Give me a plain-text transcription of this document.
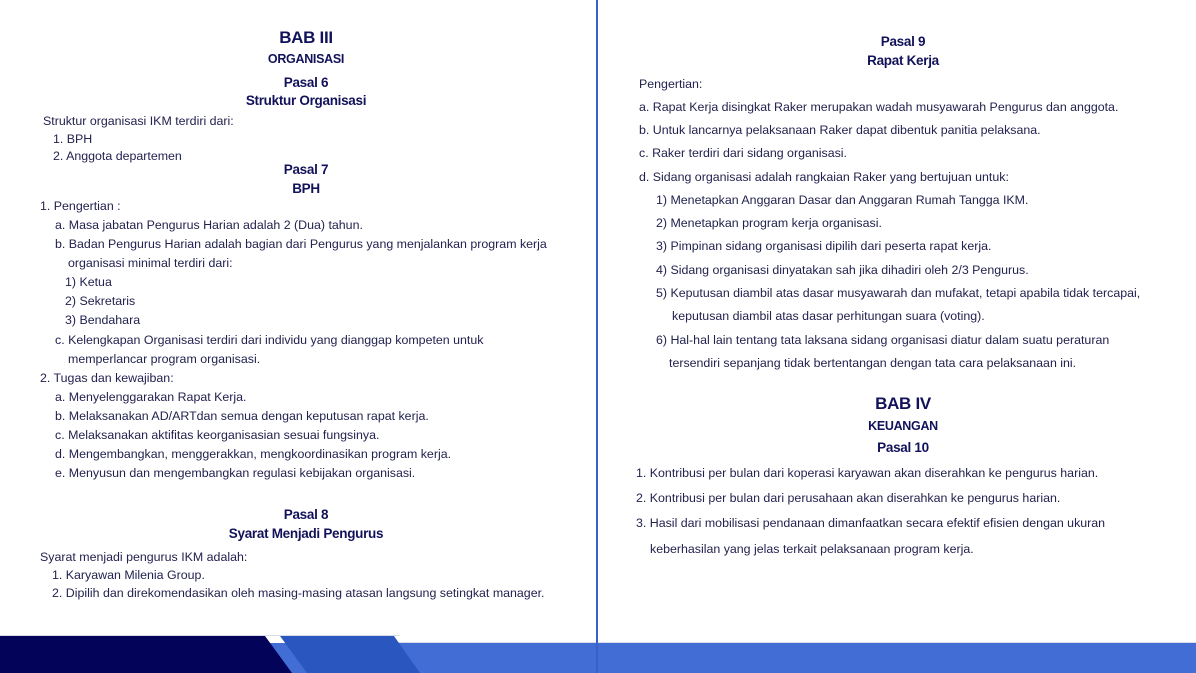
BAB III
ORGANISASI
Pasal 6
Struktur Organisasi
Struktur organisasi IKM terdiri dari:
1. BPH
2. Anggota departemen
Pasal 7
BPH
1. Pengertian :
a. Masa jabatan Pengurus Harian adalah 2 (Dua) tahun.
b. Badan Pengurus Harian adalah bagian dari Pengurus yang menjalankan program kerja
organisasi minimal terdiri dari:
1) Ketua
2) Sekretaris
3) Bendahara
c. Kelengkapan Organisasi terdiri dari individu yang dianggap kompeten untuk
memperlancar program organisasi.
2. Tugas dan kewajiban:
a. Menyelenggarakan Rapat Kerja.
b. Melaksanakan AD/ARTdan semua dengan keputusan rapat kerja.
c. Melaksanakan aktifitas keorganisasian sesuai fungsinya.
d. Mengembangkan, menggerakkan, mengkoordinasikan program kerja.
e. Menyusun dan mengembangkan regulasi kebijakan organisasi.
Pasal 8
Syarat Menjadi Pengurus
Syarat menjadi pengurus IKM adalah:
1. Karyawan Milenia Group.
2. Dipilih dan direkomendasikan oleh masing-masing atasan langsung setingkat manager.
Pasal 9
Rapat Kerja
Pengertian:
a. Rapat Kerja disingkat Raker merupakan wadah musyawarah Pengurus dan anggota.
b. Untuk lancarnya pelaksanaan Raker dapat dibentuk panitia pelaksana.
c. Raker terdiri dari sidang organisasi.
d. Sidang organisasi adalah rangkaian Raker yang bertujuan untuk:
1) Menetapkan Anggaran Dasar dan Anggaran Rumah Tangga IKM.
2) Menetapkan program kerja organisasi.
3) Pimpinan sidang organisasi dipilih dari peserta rapat kerja.
4) Sidang organisasi dinyatakan sah jika dihadiri oleh 2/3 Pengurus.
5) Keputusan diambil atas dasar musyawarah dan mufakat, tetapi apabila tidak tercapai,
keputusan diambil atas dasar perhitungan suara (voting).
6) Hal-hal lain tentang tata laksana sidang organisasi diatur dalam suatu peraturan
tersendiri sepanjang tidak bertentangan dengan tata cara pelaksanaan ini.
BAB IV
KEUANGAN
Pasal 10
1. Kontribusi per bulan dari koperasi karyawan akan diserahkan ke pengurus harian.
2. Kontribusi per bulan dari perusahaan akan diserahkan ke pengurus harian.
3. Hasil dari mobilisasi pendanaan dimanfaatkan secara efektif efisien dengan ukuran
keberhasilan yang jelas terkait pelaksanaan program kerja.
